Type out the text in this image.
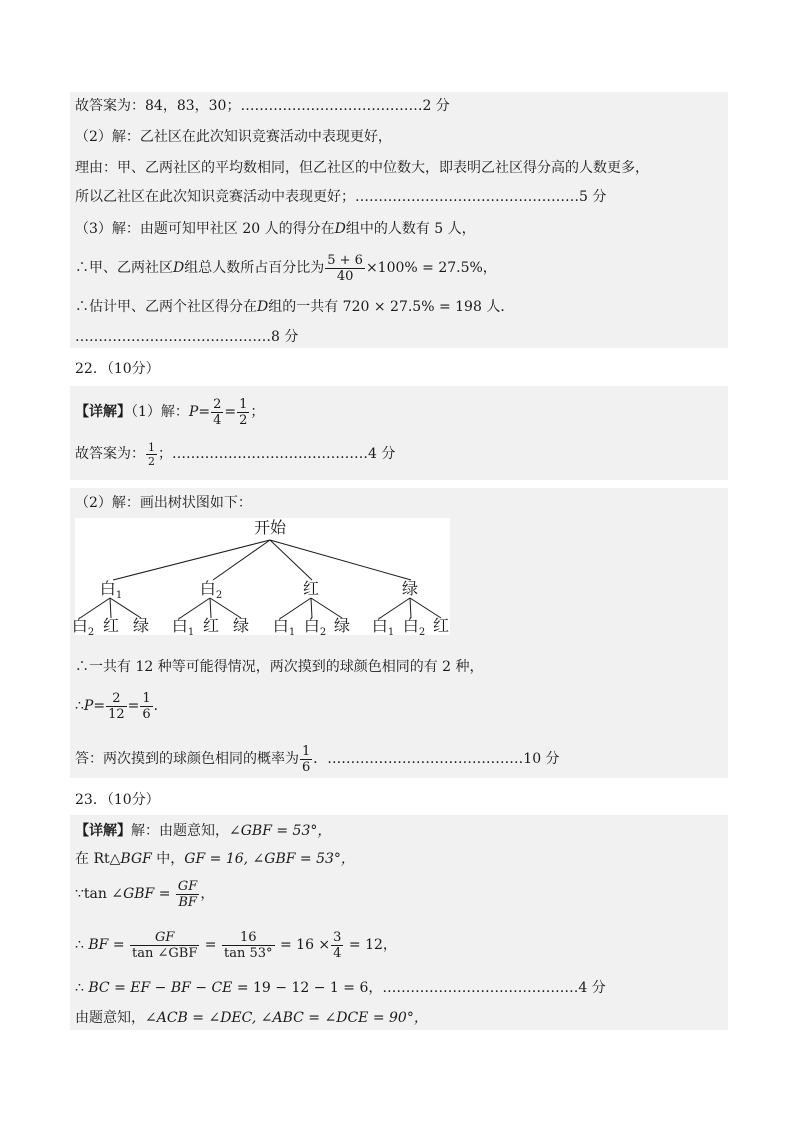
故答案为：84，83，30；…………………………………2 分
（2）解：乙社区在此次知识竞赛活动中表现更好，
理由：甲、乙两社区的平均数相同，但乙社区的中位数大，即表明乙社区得分高的人数更多，
所以乙社区在此次知识竞赛活动中表现更好；…………………………………………5 分
（3）解：由题可知甲社区 20 人的得分在D组中的人数有 5 人，
∴甲、乙两社区D组总人数所占百分比为 $\frac{5 + 6}{40} \times 100\% = 27.5\%$，
∴估计甲、乙两个社区得分在D组的一共有 720 × 27.5% = 198 人．
……………………………………8 分
22．（10分）
【详解】（1）解：$P= \frac{2}{4} = \frac{1}{2}$ ；
故答案为： $\frac{1}{2}$ ；……………………………………4 分
（2）解：画出树状图如下：
开始
白$_1$	白$_2$	红	绿
白$_2$ 红 绿 白$_1$ 红 绿 白$_1$ 白$_2$ 绿 白$_1$ 白$_2$ 红
∴一共有 12 种等可能得情况，两次摸到的球颜色相同的有 2 种，
∴P= $\frac{2}{12} = \frac{1}{6}$ ．
答：两次摸到的球颜色相同的概率为 $\frac{1}{6}$ ．……………………………………10 分
23．（10分）
【详解】解：由题意知，∠GBF = 53°，
在 Rt△BGF 中，GF = 16, ∠GBF = 53°，
∵tan ∠GBF = $\frac{GF}{BF}$ ，
∴ BF = $\frac{GF}{\text{tan ∠GBF}} = \frac{16}{\tan 53^\circ} = 16 \times \frac{3}{4} = 12$，
∴ BC = EF − BF − CE = 19 − 12 − 1 = 6，……………………………………4 分
由题意知，∠ACB = ∠DEC, ∠ABC = ∠DCE = 90°，
